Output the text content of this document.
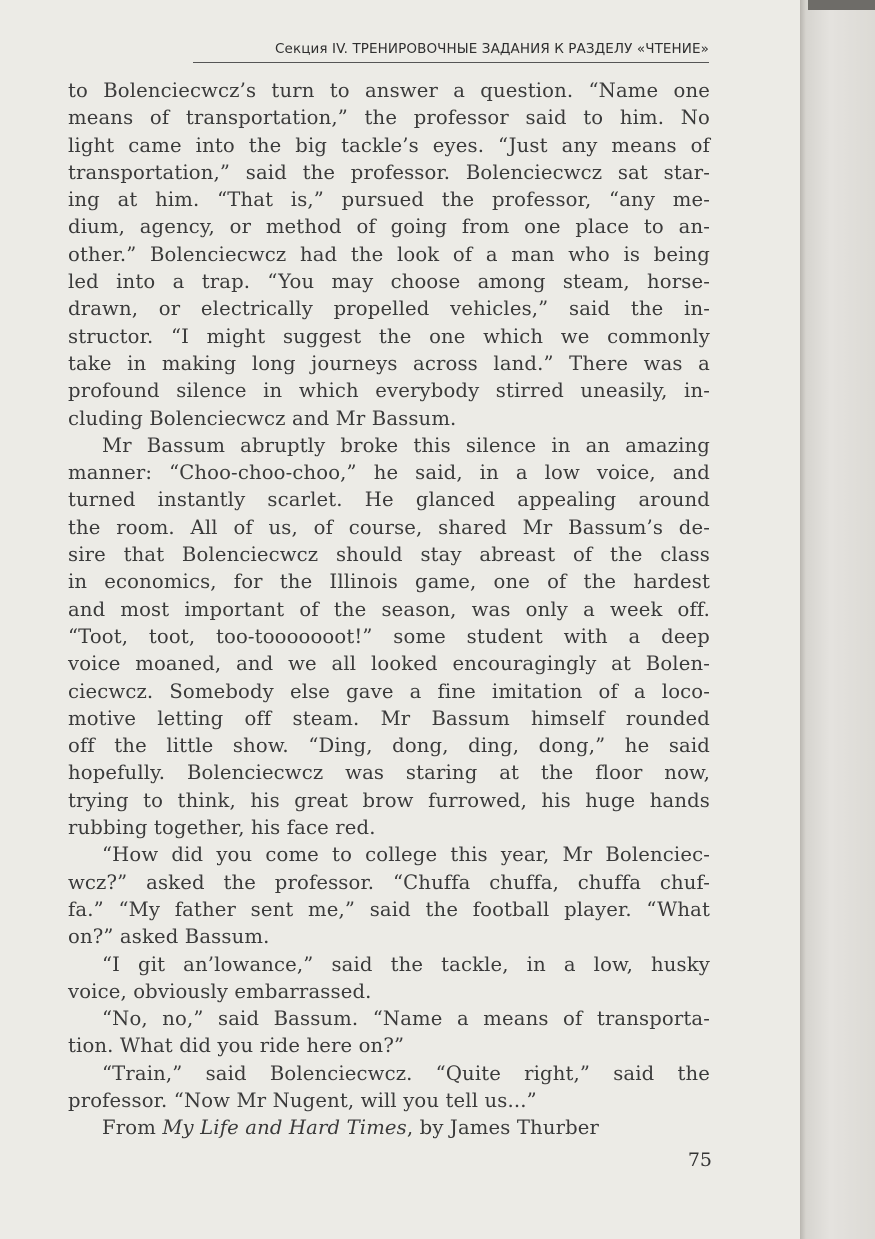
Секция IV. ТРЕНИРОВОЧНЫЕ ЗАДАНИЯ К РАЗДЕЛУ «ЧТЕНИЕ»
to Bolenciecwcz’s turn to answer a question. “Name one
means of transportation,” the professor said to him. No
light came into the big tackle’s eyes. “Just any means of
transportation,” said the professor. Bolenciecwcz sat star-
ing at him. “That is,” pursued the professor, “any me-
dium, agency, or method of going from one place to an-
other.” Bolenciecwcz had the look of a man who is being
led into a trap. “You may choose among steam, horse-
drawn, or electrically propelled vehicles,” said the in-
structor. “I might suggest the one which we commonly
take in making long journeys across land.” There was a
profound silence in which everybody stirred uneasily, in-
cluding Bolenciecwcz and Mr Bassum.
Mr Bassum abruptly broke this silence in an amazing
manner: “Choo-choo-choo,” he said, in a low voice, and
turned instantly scarlet. He glanced appealing around
the room. All of us, of course, shared Mr Bassum’s de-
sire that Bolenciecwcz should stay abreast of the class
in economics, for the Illinois game, one of the hardest
and most important of the season, was only a week off.
“Toot, toot, too-tooooooot!” some student with a deep
voice moaned, and we all looked encouragingly at Bolen-
ciecwcz. Somebody else gave a fine imitation of a loco-
motive letting off steam. Mr Bassum himself rounded
off the little show. “Ding, dong, ding, dong,” he said
hopefully. Bolenciecwcz was staring at the floor now,
trying to think, his great brow furrowed, his huge hands
rubbing together, his face red.
“How did you come to college this year, Mr Bolenciec-
wcz?” asked the professor. “Chuffa chuffa, chuffa chuf-
fa.” “My father sent me,” said the football player. “What
on?” asked Bassum.
“I git an’lowance,” said the tackle, in a low, husky
voice, obviously embarrassed.
“No, no,” said Bassum. “Name a means of transporta-
tion. What did you ride here on?”
“Train,” said Bolenciecwcz. “Quite right,” said the
professor. “Now Mr Nugent, will you tell us...”
From My Life and Hard Times, by James Thurber
75
